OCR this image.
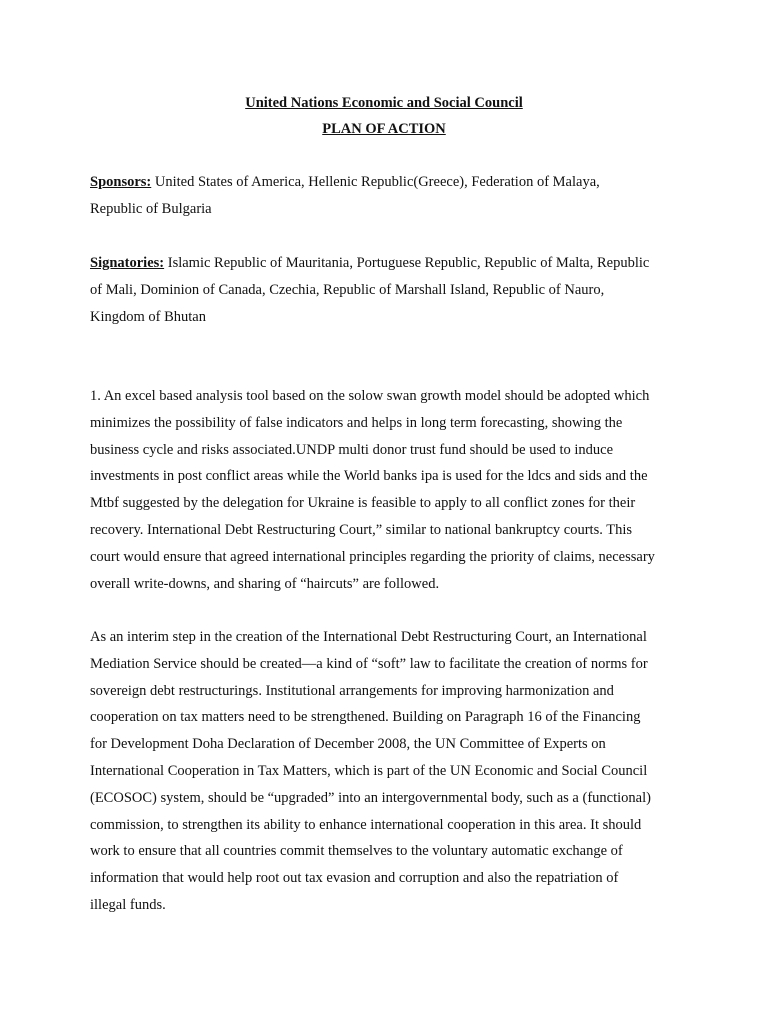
United Nations Economic and Social Council
PLAN OF ACTION
Sponsors: United States of America, Hellenic Republic(Greece), Federation of Malaya,
Republic of Bulgaria
Signatories: Islamic Republic of Mauritania, Portuguese Republic, Republic of Malta, Republic
of Mali, Dominion of Canada, Czechia, Republic of Marshall Island, Republic of Nauro,
Kingdom of Bhutan
1. An excel based analysis tool based on the solow swan growth model should be adopted which
minimizes the possibility of false indicators and helps in long term forecasting, showing the
business cycle and risks associated.UNDP multi donor trust fund should be used to induce
investments in post conflict areas while the World banks ipa is used for the ldcs and sids and the
Mtbf suggested by the delegation for Ukraine is feasible to apply to all conflict zones for their
recovery. International Debt Restructuring Court,” similar to national bankruptcy courts. This
court would ensure that agreed international principles regarding the priority of claims, necessary
overall write-downs, and sharing of “haircuts” are followed.
As an interim step in the creation of the International Debt Restructuring Court, an International
Mediation Service should be created—a kind of “soft” law to facilitate the creation of norms for
sovereign debt restructurings. Institutional arrangements for improving harmonization and
cooperation on tax matters need to be strengthened. Building on Paragraph 16 of the Financing
for Development Doha Declaration of December 2008, the UN Committee of Experts on
International Cooperation in Tax Matters, which is part of the UN Economic and Social Council
(ECOSOC) system, should be “upgraded” into an intergovernmental body, such as a (functional)
commission, to strengthen its ability to enhance international cooperation in this area. It should
work to ensure that all countries commit themselves to the voluntary automatic exchange of
information that would help root out tax evasion and corruption and also the repatriation of
illegal funds.
